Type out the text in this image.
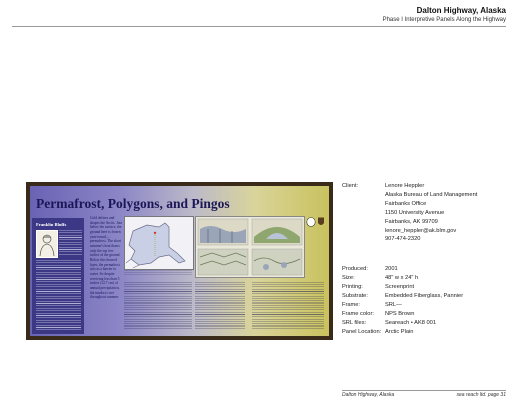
Dalton Highway, Alaska
Phase I Interpretive Panels Along the Highway
Franklin Bluffs
Permafrost, Polygons, and Pingos
Cold defines and shapes the Arctic. Just below the surface, the ground here is frozen year-round—permafrost. The short summer's heat thaws only the top few inches of the ground. Below this thawed layer, the permafrost acts as a barrier to water. So despite receiving less than 5 inches (12.7 cm) of annual precipitation, the tundra is wet throughout summer.
Client:	Lenore Heppler
Alaska Bureau of Land Management
Fairbanks Office
1150 University Avenue
Fairbanks, AK 99709
lenore_heppler@ak.blm.gov
907-474-2320
Produced:	2001
Size:	48" w x 24" h
Printing:	Screenprint
Substrate:	Embedded Fiberglass, Pannier
Frame:	SRL—
Frame color: NPS Brown
SRL files:	Seareach • AK8 001
Panel Location: Arctic Plain
Dalton Highway, Alaska	sea reach ltd. page 31
